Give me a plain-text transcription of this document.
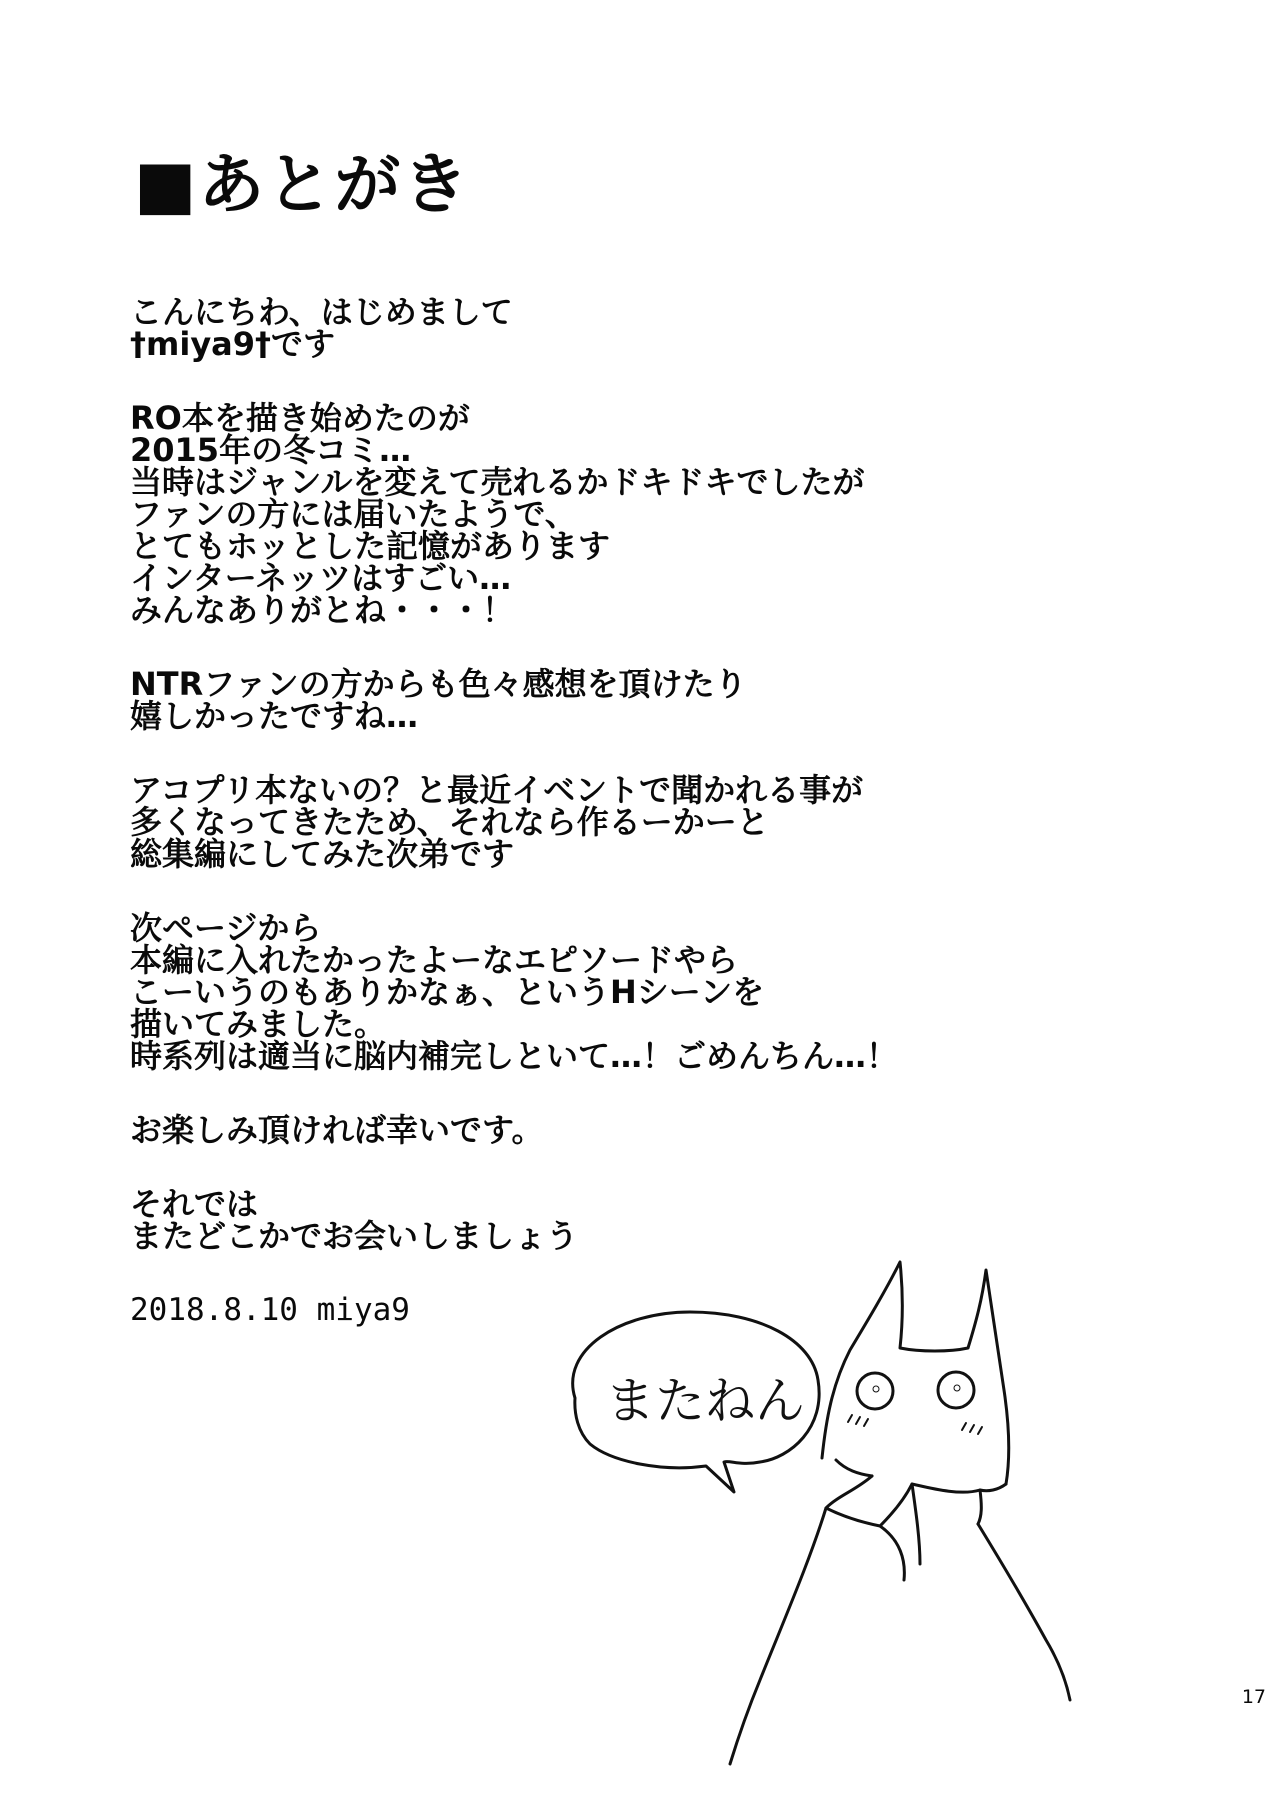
■あとがき
こんにちわ、はじめまして
†miya9†です
RO本を描き始めたのが
2015年の冬コミ…
当時はジャンルを変えて売れるかドキドキでしたが
ファンの方には届いたようで、
とてもホッとした記憶があります
インターネッツはすごい…
みんなありがとね・・・！
NTRファンの方からも色々感想を頂けたり
嬉しかったですね…
アコプリ本ないの？と最近イベントで聞かれる事が
多くなってきたため、それなら作るーかーと
総集編にしてみた次弟です
次ページから
本編に入れたかったよーなエピソードやら
こーいうのもありかなぁ、というHシーンを
描いてみました。
時系列は適当に脳内補完しといて…！ごめんちん…！
お楽しみ頂ければ幸いです。
それでは
またどこかでお会いしましょう
2018.8.10 miya9
またねん
17
